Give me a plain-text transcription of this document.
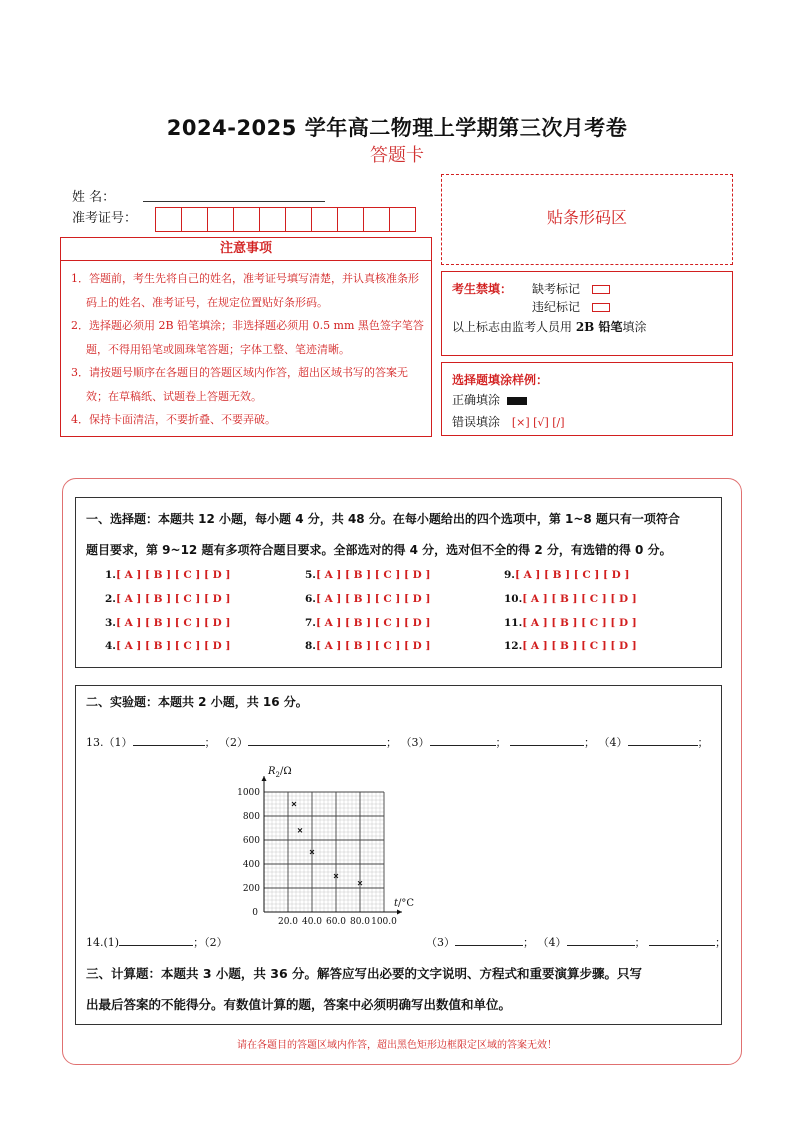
2024-2025 学年高二物理上学期第三次月考卷
答题卡
姓 名：
准考证号：
注意事项
1．答题前，考生先将自己的姓名，准考证号填写清楚，并认真核准条形码上的姓名、准考证号，在规定位置贴好条形码。
2．选择题必须用 2B 铅笔填涂；非选择题必须用 0.5 mm 黑色签字笔答题，不得用铅笔或圆珠笔答题；字体工整、笔迹清晰。
3．请按题号顺序在各题目的答题区域内作答，超出区域书写的答案无效；在草稿纸、试题卷上答题无效。
4．保持卡面清洁，不要折叠、不要弄破。
贴条形码区
考生禁填： 缺考标记
违纪标记
以上标志由监考人员用 2B 铅笔填涂
选择题填涂样例：
正确填涂
错误填涂 [×] [√] [/]
一、选择题：本题共 12 小题，每小题 4 分，共 48 分。在每小题给出的四个选项中，第 1~8 题只有一项符合
题目要求，第 9~12 题有多项符合题目要求。全部选对的得 4 分，选对但不全的得 2 分，有选错的得 0 分。
1.[ A ] [ B ] [ C ] [ D ]
2.[ A ] [ B ] [ C ] [ D ]
3.[ A ] [ B ] [ C ] [ D ]
4.[ A ] [ B ] [ C ] [ D ]
5.[ A ] [ B ] [ C ] [ D ]
6.[ A ] [ B ] [ C ] [ D ]
7.[ A ] [ B ] [ C ] [ D ]
8.[ A ] [ B ] [ C ] [ D ]
9.[ A ] [ B ] [ C ] [ D ]
10.[ A ] [ B ] [ C ] [ D ]
11.[ A ] [ B ] [ C ] [ D ]
12.[ A ] [ B ] [ C ] [ D ]
二、实验题：本题共 2 小题，共 16 分。
13.（1）	； （2）	； （3）	；	； （4）	；
20.0 40.0 60.0 80.0 100.0
200
400
600
800
1000
0
$R_2/\Omega$
t/°C
14.(1)	；（2）	（3）	； （4）	；	；
三、计算题：本题共 3 小题，共 36 分。解答应写出必要的文字说明、方程式和重要演算步骤。只写
出最后答案的不能得分。有数值计算的题，答案中必须明确写出数值和单位。
请在各题目的答题区域内作答，超出黑色矩形边框限定区域的答案无效！
